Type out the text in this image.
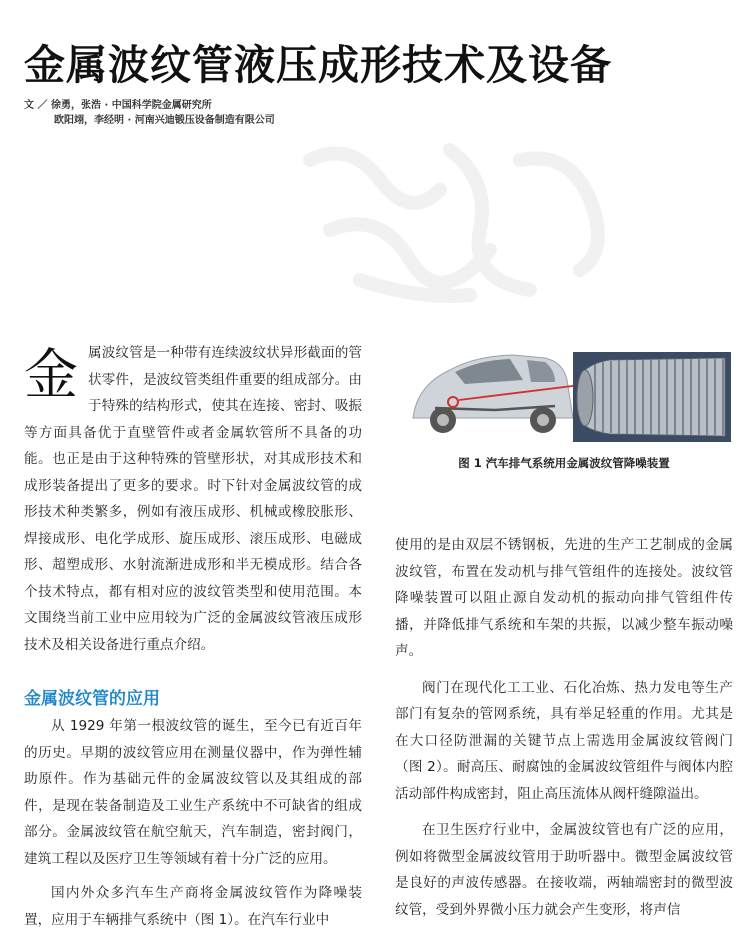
金属波纹管液压成形技术及设备
文 ／ 徐勇，张浩 · 中国科学院金属研究所
欧阳翊，李经明 · 河南兴迪锻压设备制造有限公司
金 属波纹管是一种带有连续波纹状异形截面的管状零件，是波纹管类组件重要的组成部分。由于特殊的结构形式，使其在连接、密封、吸振等方面具备优于直壁管件或者金属软管所不具备的功能。也正是由于这种特殊的管壁形状，对其成形技术和成形装备提出了更多的要求。时下针对金属波纹管的成形技术种类繁多，例如有液压成形、机械或橡胶胀形、焊接成形、电化学成形、旋压成形、滚压成形、电磁成形、超塑成形、水射流渐进成形和半无模成形。结合各个技术特点，都有相对应的波纹管类型和使用范围。本文围绕当前工业中应用较为广泛的金属波纹管液压成形技术及相关设备进行重点介绍。

金属波纹管的应用

从 1929 年第一根波纹管的诞生，至今已有近百年的历史。早期的波纹管应用在测量仪器中，作为弹性辅助原件。作为基础元件的金属波纹管以及其组成的部件，是现在装备制造及工业生产系统中不可缺省的组成部分。金属波纹管在航空航天，汽车制造，密封阀门，建筑工程以及医疗卫生等领域有着十分广泛的应用。

国内外众多汽车生产商将金属波纹管作为降噪装置，应用于车辆排气系统中（图 1）。在汽车行业中

图 1 汽车排气系统用金属波纹管降噪装置

使用的是由双层不锈钢板，先进的生产工艺制成的金属波纹管，布置在发动机与排气管组件的连接处。波纹管降噪装置可以阻止源自发动机的振动向排气管组件传播，并降低排气系统和车架的共振，以减少整车振动噪声。

阀门在现代化工工业、石化冶炼、热力发电等生产部门有复杂的管网系统，具有举足轻重的作用。尤其是在大口径防泄漏的关键节点上需选用金属波纹管阀门（图 2）。耐高压、耐腐蚀的金属波纹管组件与阀体内腔活动部件构成密封，阻止高压流体从阀杆缝隙溢出。

在卫生医疗行业中，金属波纹管也有广泛的应用，例如将微型金属波纹管用于助听器中。微型金属波纹管是良好的声波传感器。在接收端，两轴端密封的微型波纹管，受到外界微小压力就会产生变形，将声信
